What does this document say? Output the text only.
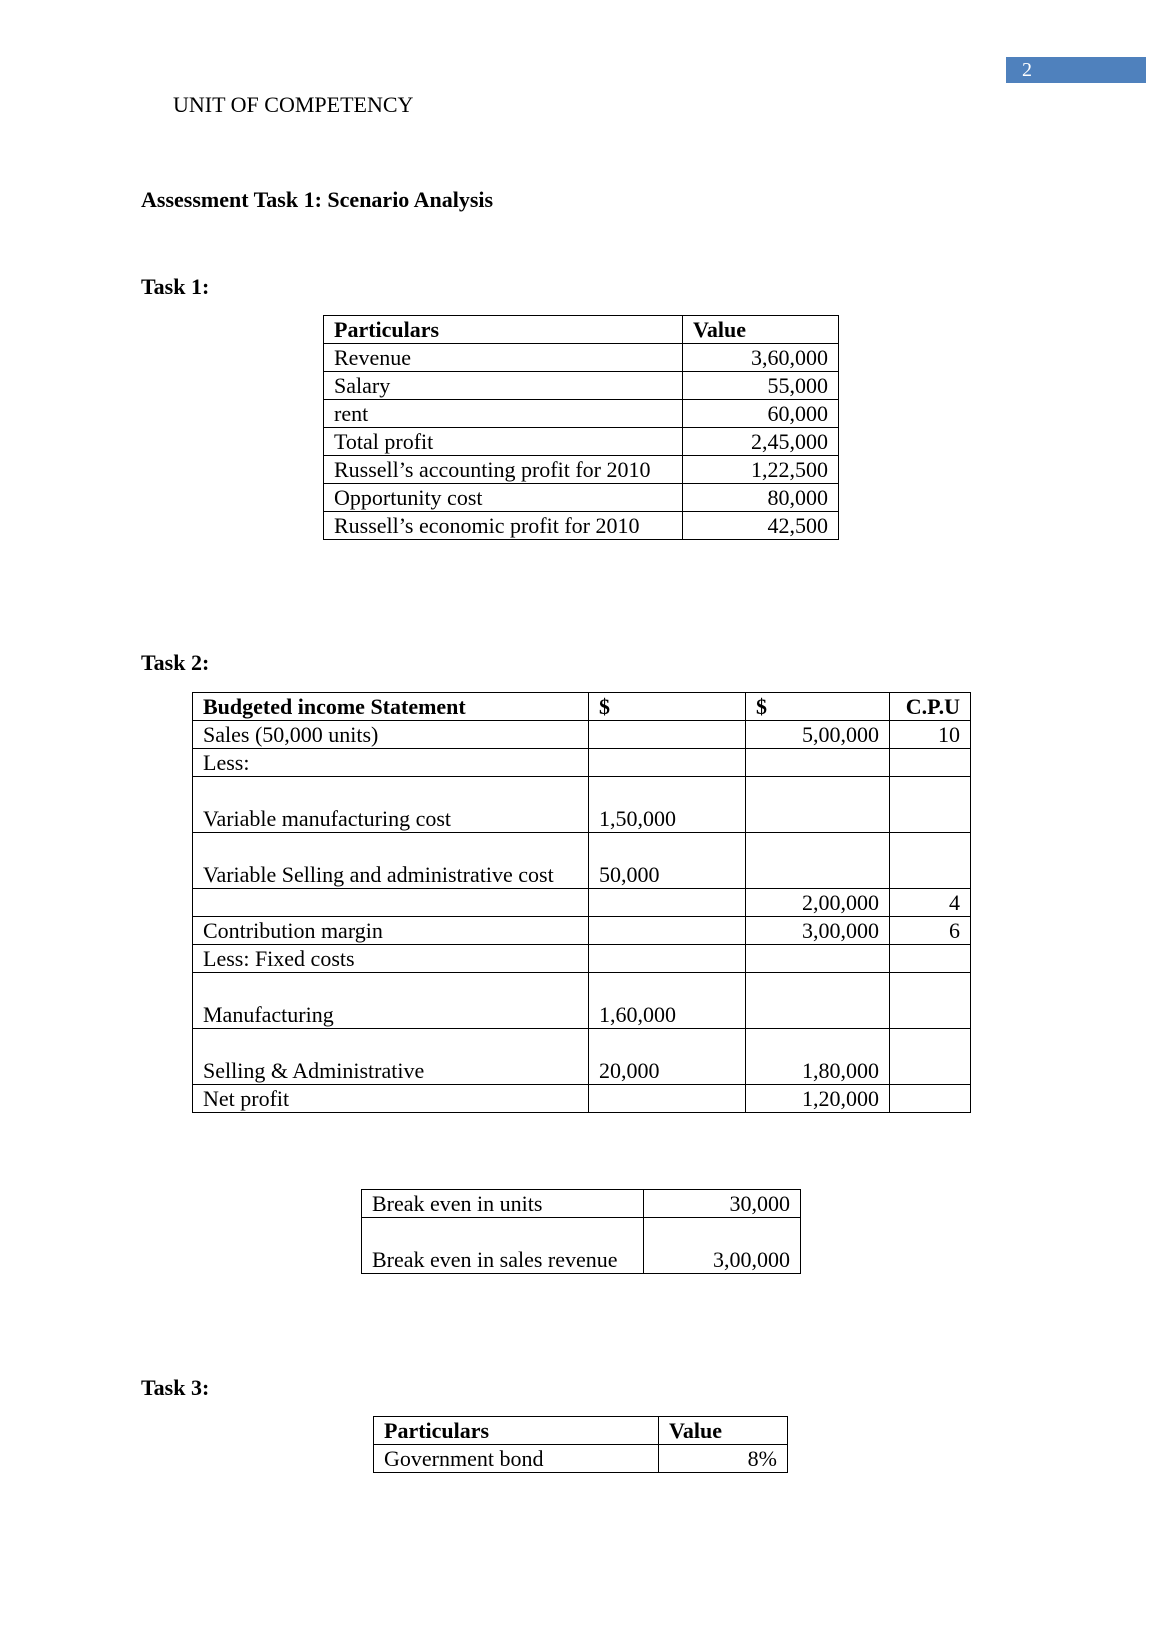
2
UNIT OF COMPETENCY
Assessment Task 1: Scenario Analysis
Task 1:
Particulars	Value
Revenue	3,60,000
Salary	55,000
rent	60,000
Total profit	2,45,000
Russell’s accounting profit for 2010	1,22,500
Opportunity cost	80,000
Russell’s economic profit for 2010	42,500
Task 2:
Budgeted income Statement	$	$	C.P.U
Sales (50,000 units)		5,00,000	10
Less:			
Variable manufacturing cost	1,50,000		
Variable Selling and administrative cost	50,000		
		2,00,000	4
Contribution margin		3,00,000	6
Less: Fixed costs			
Manufacturing	1,60,000		
Selling & Administrative	20,000	1,80,000	
Net profit		1,20,000	
Break even in units	30,000
Break even in sales revenue	3,00,000
Task 3:
Particulars	Value
Government bond	8%
